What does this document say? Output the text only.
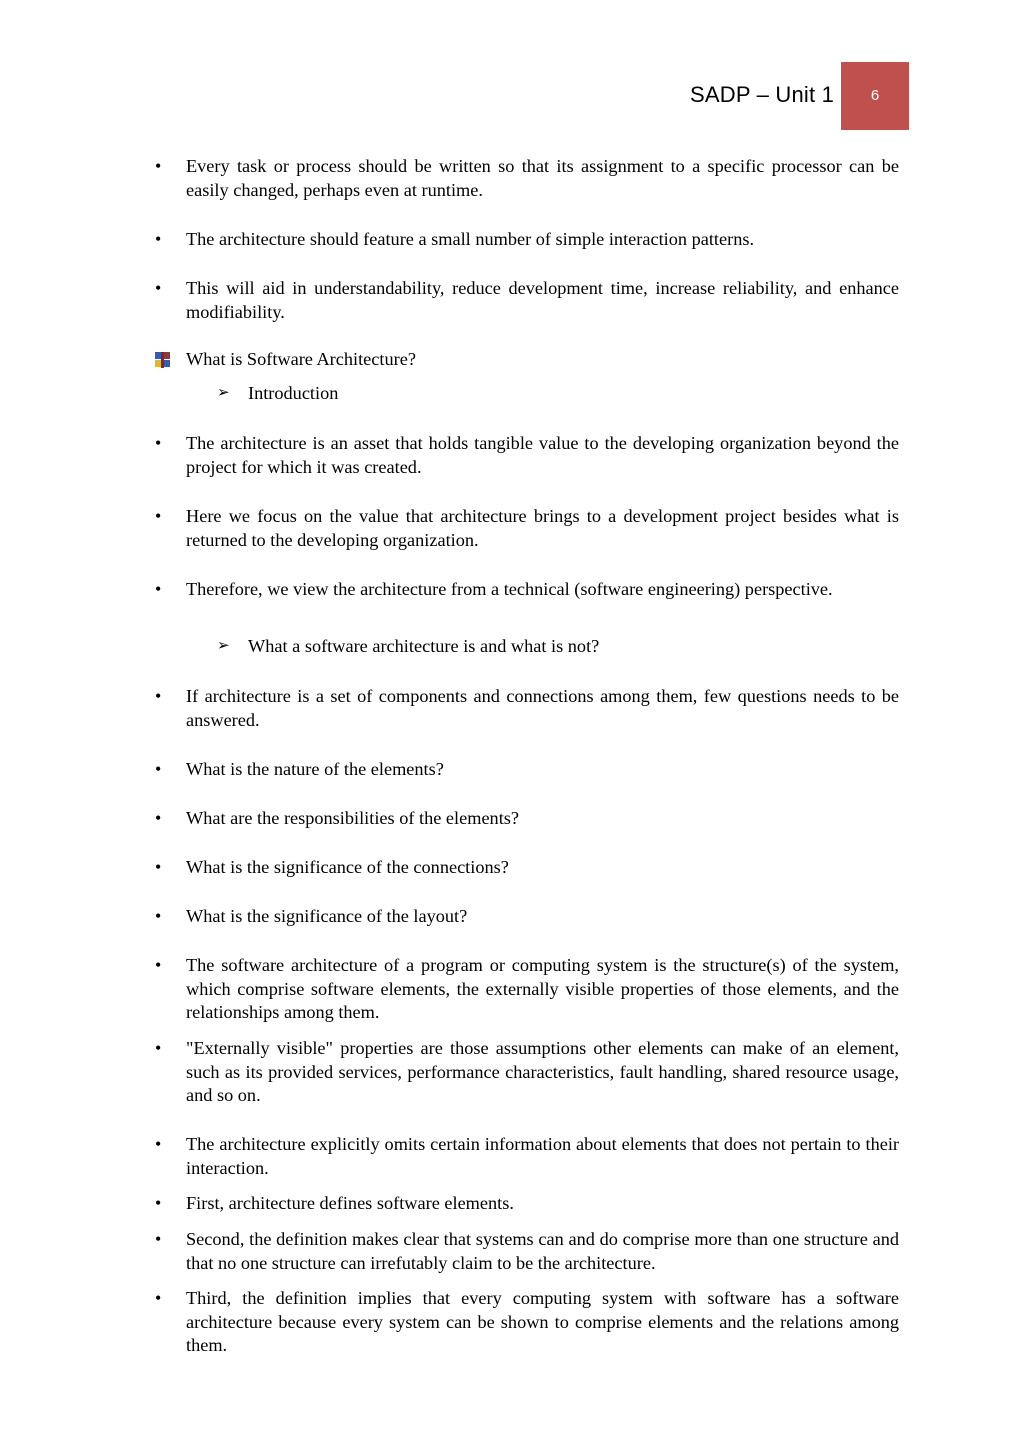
SADP – Unit 1	6
• Every task or process should be written so that its assignment to a specific processor can be easily changed, perhaps even at runtime.
• The architecture should feature a small number of simple interaction patterns.
• This will aid in understandability, reduce development time, increase reliability, and enhance modifiability.
What is Software Architecture?
➢ Introduction
• The architecture is an asset that holds tangible value to the developing organization beyond the project for which it was created.
• Here we focus on the value that architecture brings to a development project besides what is returned to the developing organization.
• Therefore, we view the architecture from a technical (software engineering) perspective.
➢ What a software architecture is and what is not?
• If architecture is a set of components and connections among them, few questions needs to be answered.
• What is the nature of the elements?
• What are the responsibilities of the elements?
• What is the significance of the connections?
• What is the significance of the layout?
• The software architecture of a program or computing system is the structure(s) of the system, which comprise software elements, the externally visible properties of those elements, and the relationships among them.
• "Externally visible" properties are those assumptions other elements can make of an element, such as its provided services, performance characteristics, fault handling, shared resource usage, and so on.
• The architecture explicitly omits certain information about elements that does not pertain to their interaction.
• First, architecture defines software elements.
• Second, the definition makes clear that systems can and do comprise more than one structure and that no one structure can irrefutably claim to be the architecture.
• Third, the definition implies that every computing system with software has a software architecture because every system can be shown to comprise elements and the relations among them.
